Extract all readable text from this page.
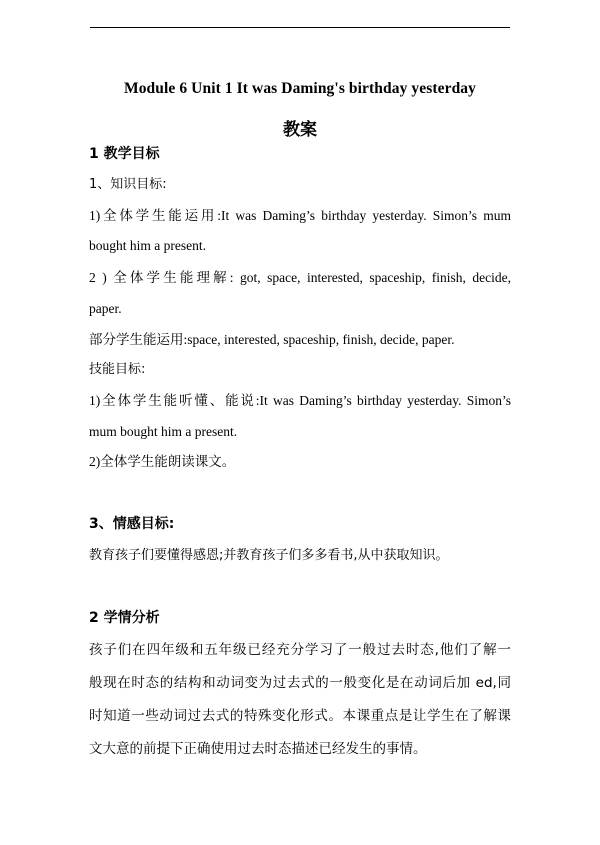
Module 6 Unit 1 It was Daming's birthday yesterday

教案

1 教学目标

1、知识目标:

1)全体学生能运用:It was Daming’s birthday yesterday. Simon’s mum

bought him a present.

2 ) 全体学生能理解: got, space, interested, spaceship, finish, decide,

paper.

部分学生能运用:space, interested, spaceship, finish, decide, paper.

技能目标:

1)全体学生能听懂、能说:It was Daming’s birthday yesterday. Simon’s

mum bought him a present.

2)全体学生能朗读课文。

3、情感目标:

教育孩子们要懂得感恩;并教育孩子们多多看书,从中获取知识。

2 学情分析

孩子们在四年级和五年级已经充分学习了一般过去时态,他们了解一

般现在时态的结构和动词变为过去式的一般变化是在动词后加 ed,同

时知道一些动词过去式的特殊变化形式。本课重点是让学生在了解课

文大意的前提下正确使用过去时态描述已经发生的事情。
